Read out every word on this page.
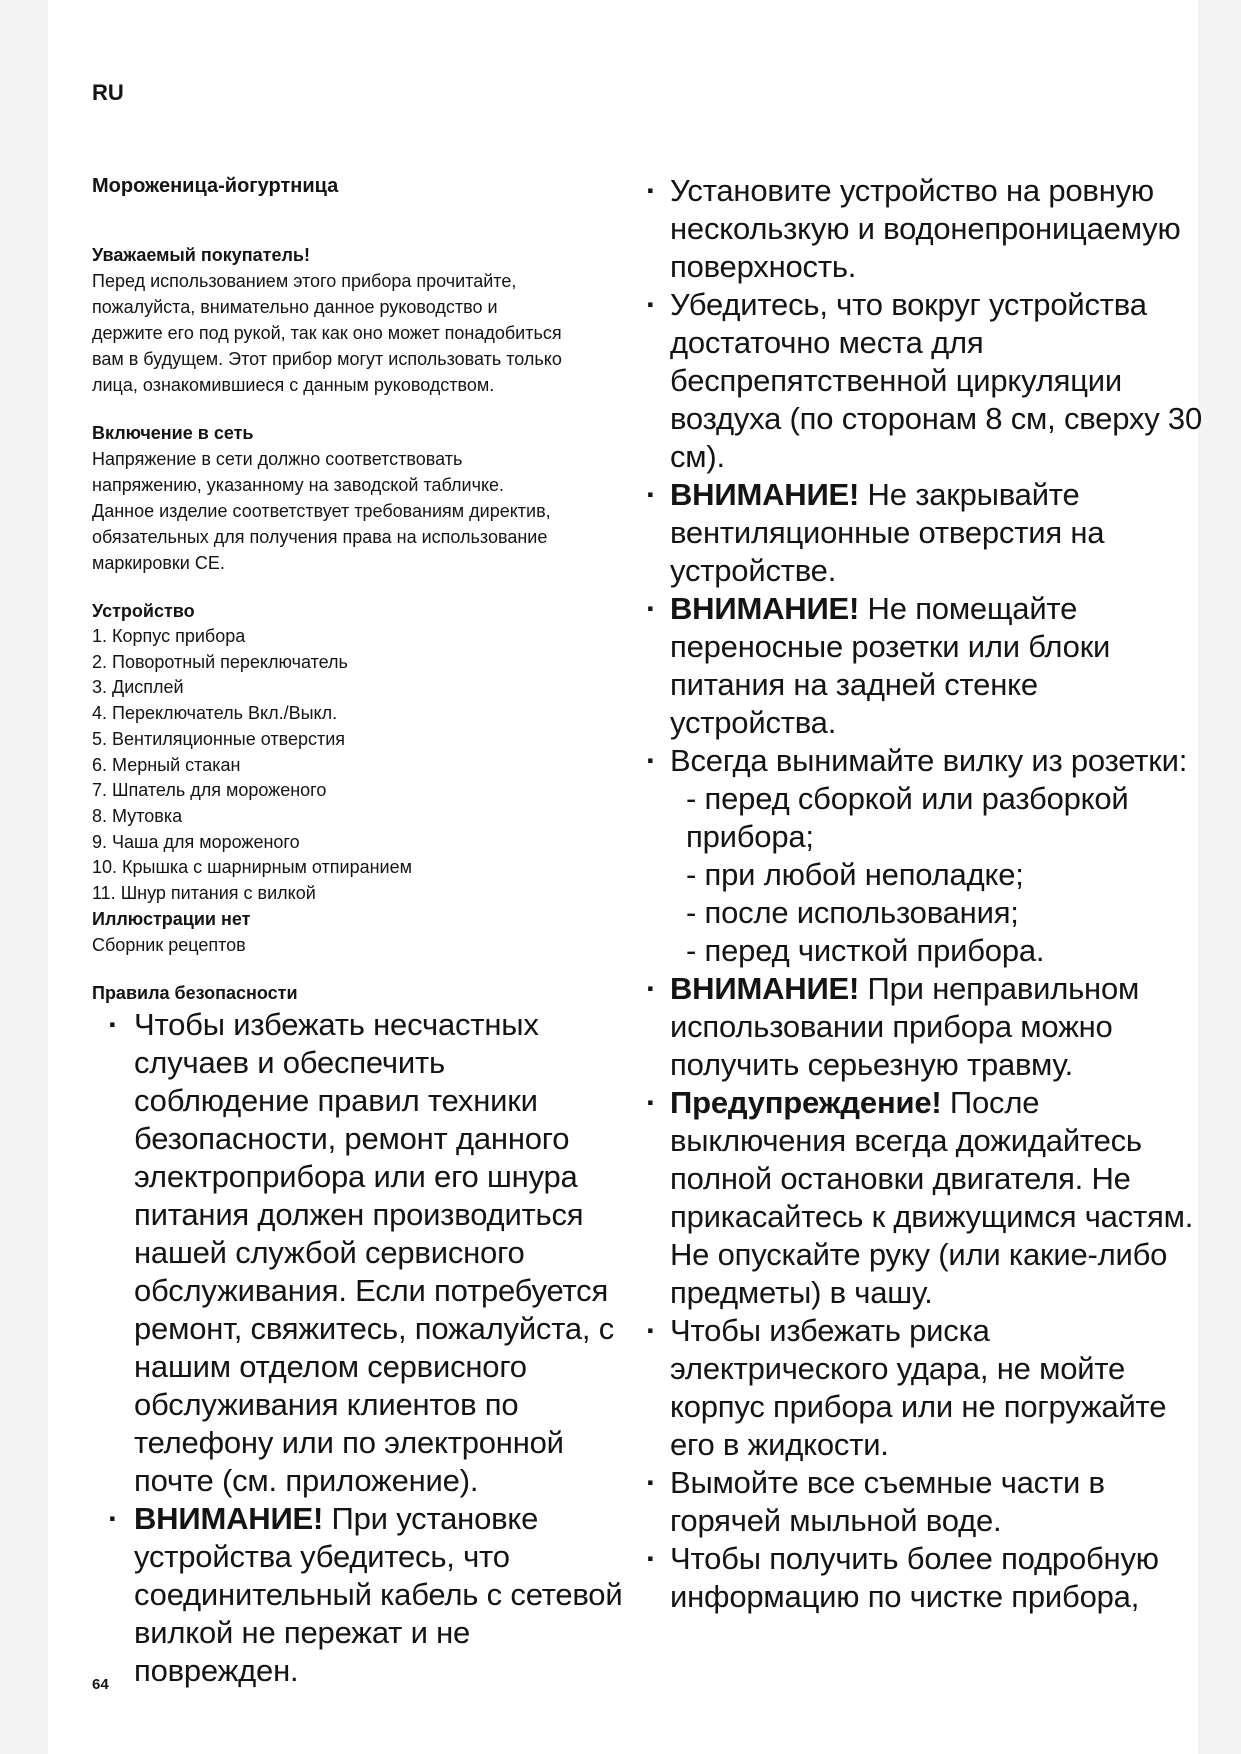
RU

Мороженица-йогуртница

Уважаемый покупатель!

Перед использованием этого прибора прочитайте,

пожалуйста, внимательно данное руководство и

держите его под рукой, так как оно может понадобиться

вам в будущем. Этот прибор могут использовать только

лица, ознакомившиеся с данным руководством.

Включение в сеть

Напряжение в сети должно соответствовать

напряжению, указанному на заводской табличке.

Данное изделие соответствует требованиям директив,

обязательных для получения права на использование

маркировки CE.

Устройство

1. Корпус прибора
2. Поворотный переключатель
3. Дисплей
4. Переключатель Вкл./Выкл.
5. Вентиляционные отверстия
6. Мерный стакан
7. Шпатель для мороженого
8. Мутовка
9. Чаша для мороженого
10. Крышка с шарнирным отпиранием
11. Шнур питания с вилкой

Иллюстрации нет

Сборник рецептов

Правила безопасности

· Чтобы избежать несчастных случаев и обеспечить соблюдение правил техники безопасности, ремонт данного электроприбора или его шнура питания должен производиться нашей службой сервисного обслуживания. Если потребуется ремонт, свяжитесь, пожалуйста, с нашим отделом сервисного обслуживания клиентов по телефону или по электронной почте (см. приложение).
· ВНИМАНИЕ! При установке устройства убедитесь, что соединительный кабель с сетевой вилкой не пережат и не поврежден.
· Установите устройство на ровную нескользкую и водонепроницаемую поверхность.
· Убедитесь, что вокруг устройства достаточно места для беспрепятственной циркуляции воздуха (по сторонам 8 см, сверху 30 см).
· ВНИМАНИЕ! Не закрывайте вентиляционные отверстия на устройстве.
· ВНИМАНИЕ! Не помещайте переносные розетки или блоки питания на задней стенке устройства.
· Всегда вынимайте вилку из розетки:
- перед сборкой или разборкой прибора;
- при любой неполадке;
- после использования;
- перед чисткой прибора.
· ВНИМАНИЕ! При неправильном использовании прибора можно получить серьезную травму.
· Предупреждение! После выключения всегда дожидайтесь полной остановки двигателя. Не прикасайтесь к движущимся частям. Не опускайте руку (или какие-либо предметы) в чашу.
· Чтобы избежать риска электрического удара, не мойте корпус прибора или не погружайте его в жидкости.
· Вымойте все съемные части в горячей мыльной воде.
· Чтобы получить более подробную информацию по чистке прибора,
64
